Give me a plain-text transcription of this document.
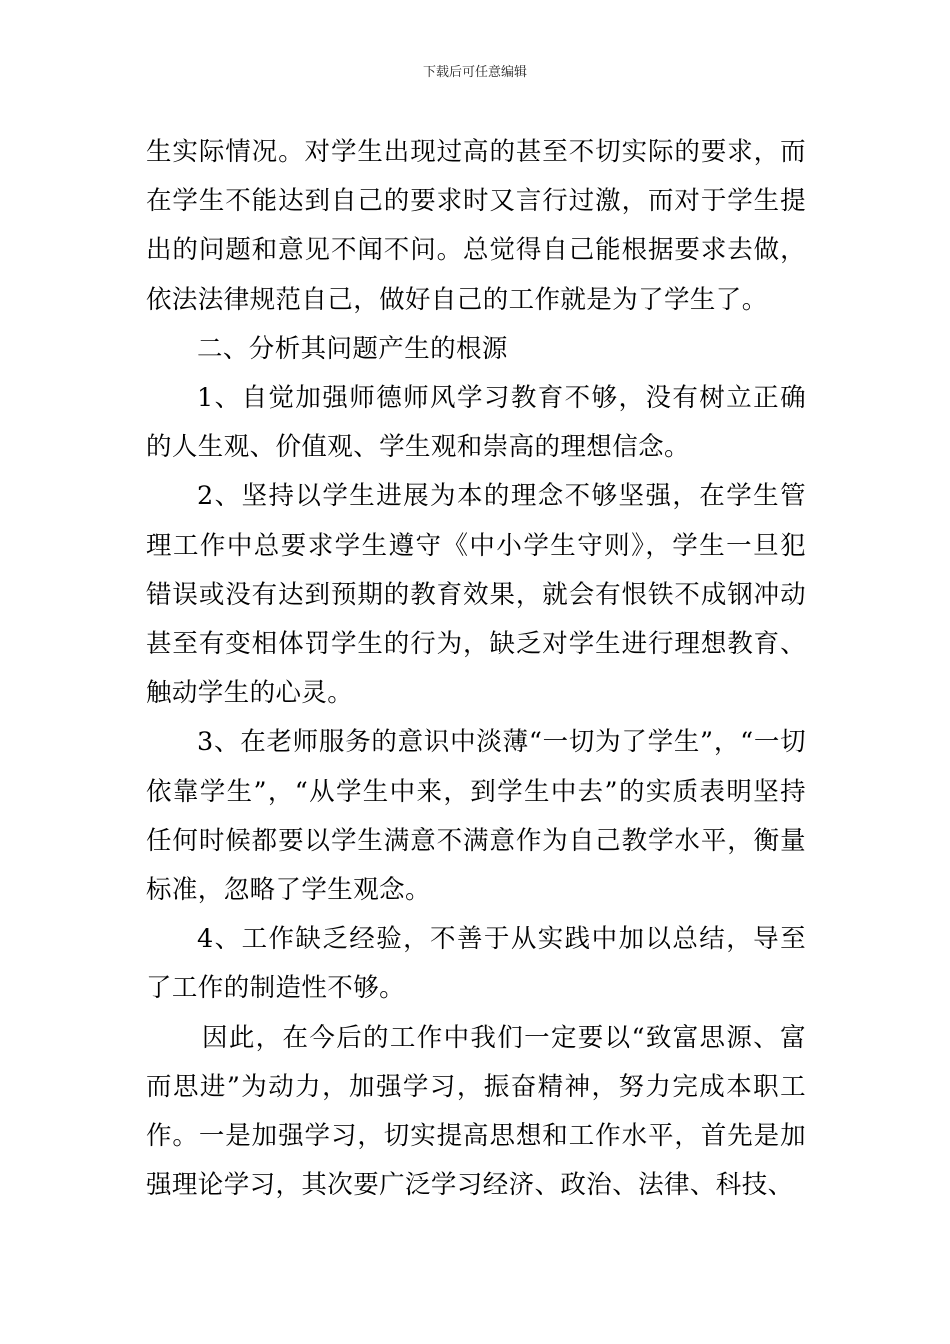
下载后可任意编辑

生实际情况。对学生出现过高的甚至不切实际的要求，而在学生不能达到自己的要求时又言行过激，而对于学生提出的问题和意见不闻不问。总觉得自己能根据要求去做，依法法律规范自己，做好自己的工作就是为了学生了。

二、分析其问题产生的根源

1、自觉加强师德师风学习教育不够，没有树立正确的人生观、价值观、学生观和崇高的理想信念。

2、坚持以学生进展为本的理念不够坚强，在学生管理工作中总要求学生遵守《中小学生守则》，学生一旦犯错误或没有达到预期的教育效果，就会有恨铁不成钢冲动甚至有变相体罚学生的行为，缺乏对学生进行理想教育、触动学生的心灵。

3、在老师服务的意识中淡薄“一切为了学生”，“一切依靠学生”，“从学生中来，到学生中去”的实质表明坚持任何时候都要以学生满意不满意作为自己教学水平，衡量标准，忽略了学生观念。

4、工作缺乏经验，不善于从实践中加以总结，导至了工作的制造性不够。

因此，在今后的工作中我们一定要以“致富思源、富而思进”为动力，加强学习，振奋精神，努力完成本职工作。一是加强学习，切实提高思想和工作水平，首先是加强理论学习，其次要广泛学习经济、政治、法律、科技、
